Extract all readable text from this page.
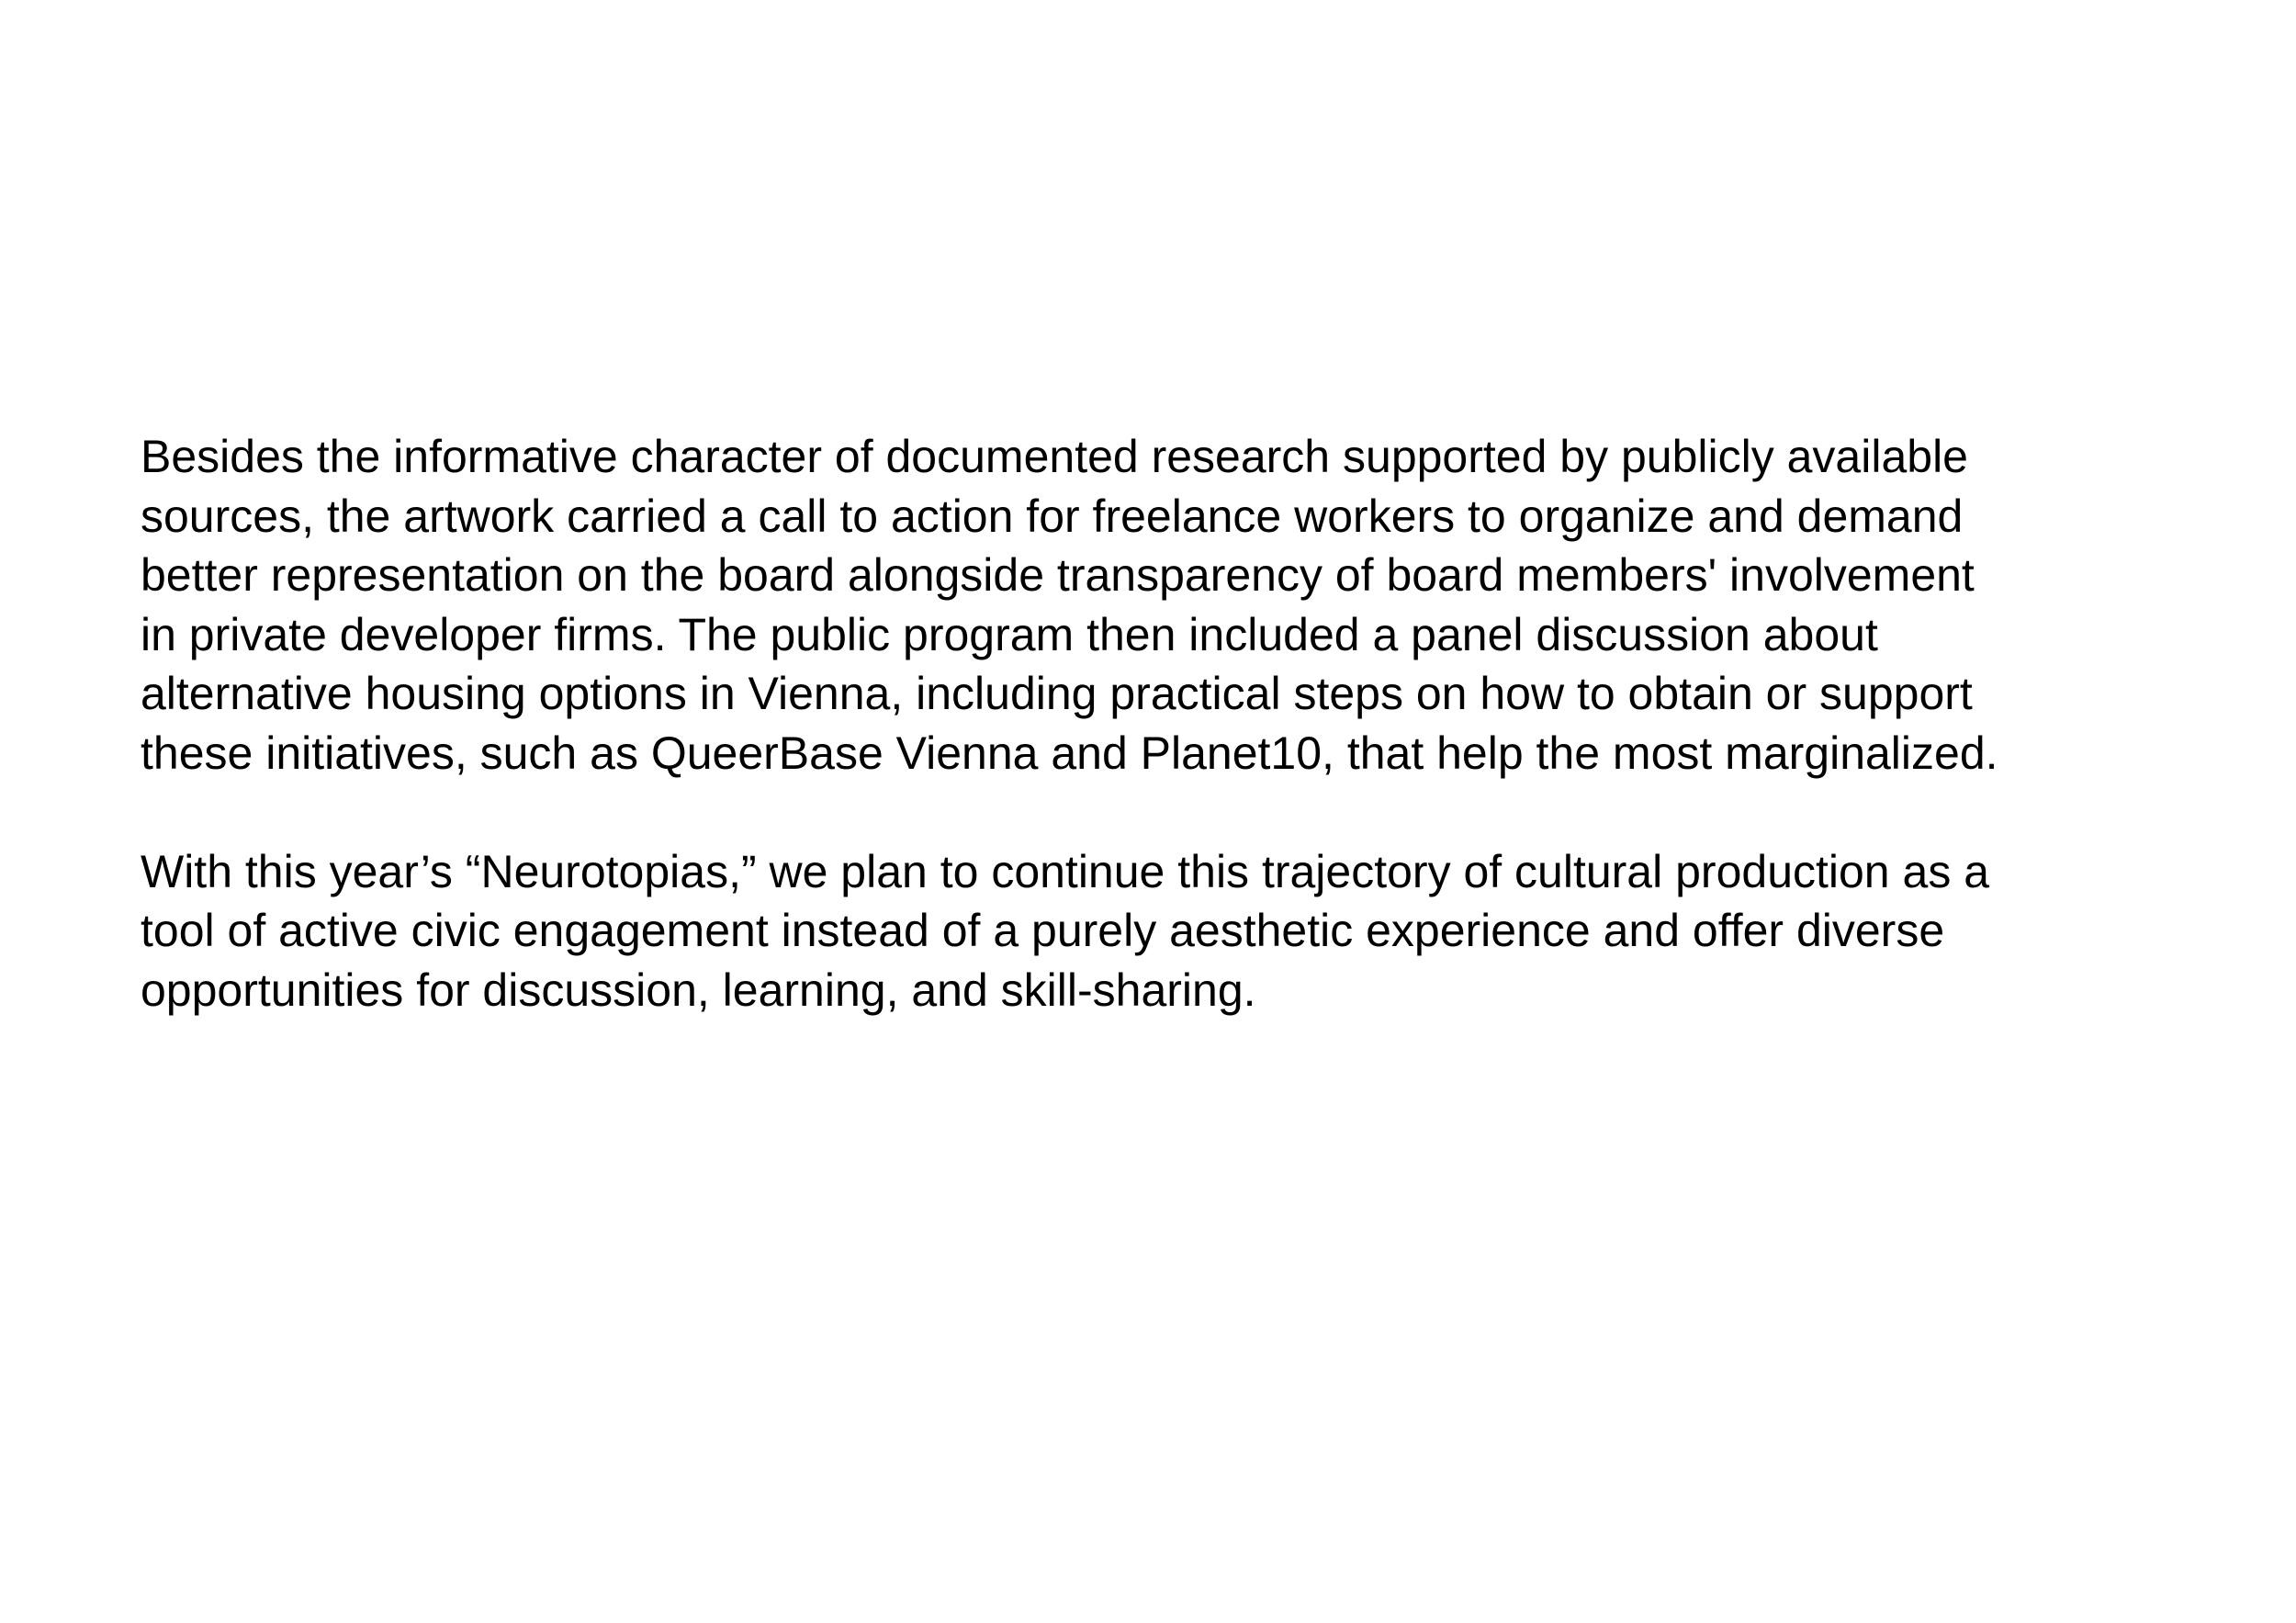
Besides the informative character of documented research supported by publicly available
sources, the artwork carried a call to action for freelance workers to organize and demand
better representation on the board alongside transparency of board members' involvement
in private developer firms. The public program then included a panel discussion about
alternative housing options in Vienna, including practical steps on how to obtain or support
these initiatives, such as QueerBase Vienna and Planet10, that help the most marginalized.

With this year’s “Neurotopias,” we plan to continue this trajectory of cultural production as a
tool of active civic engagement instead of a purely aesthetic experience and offer diverse
opportunities for discussion, learning, and skill-sharing.
